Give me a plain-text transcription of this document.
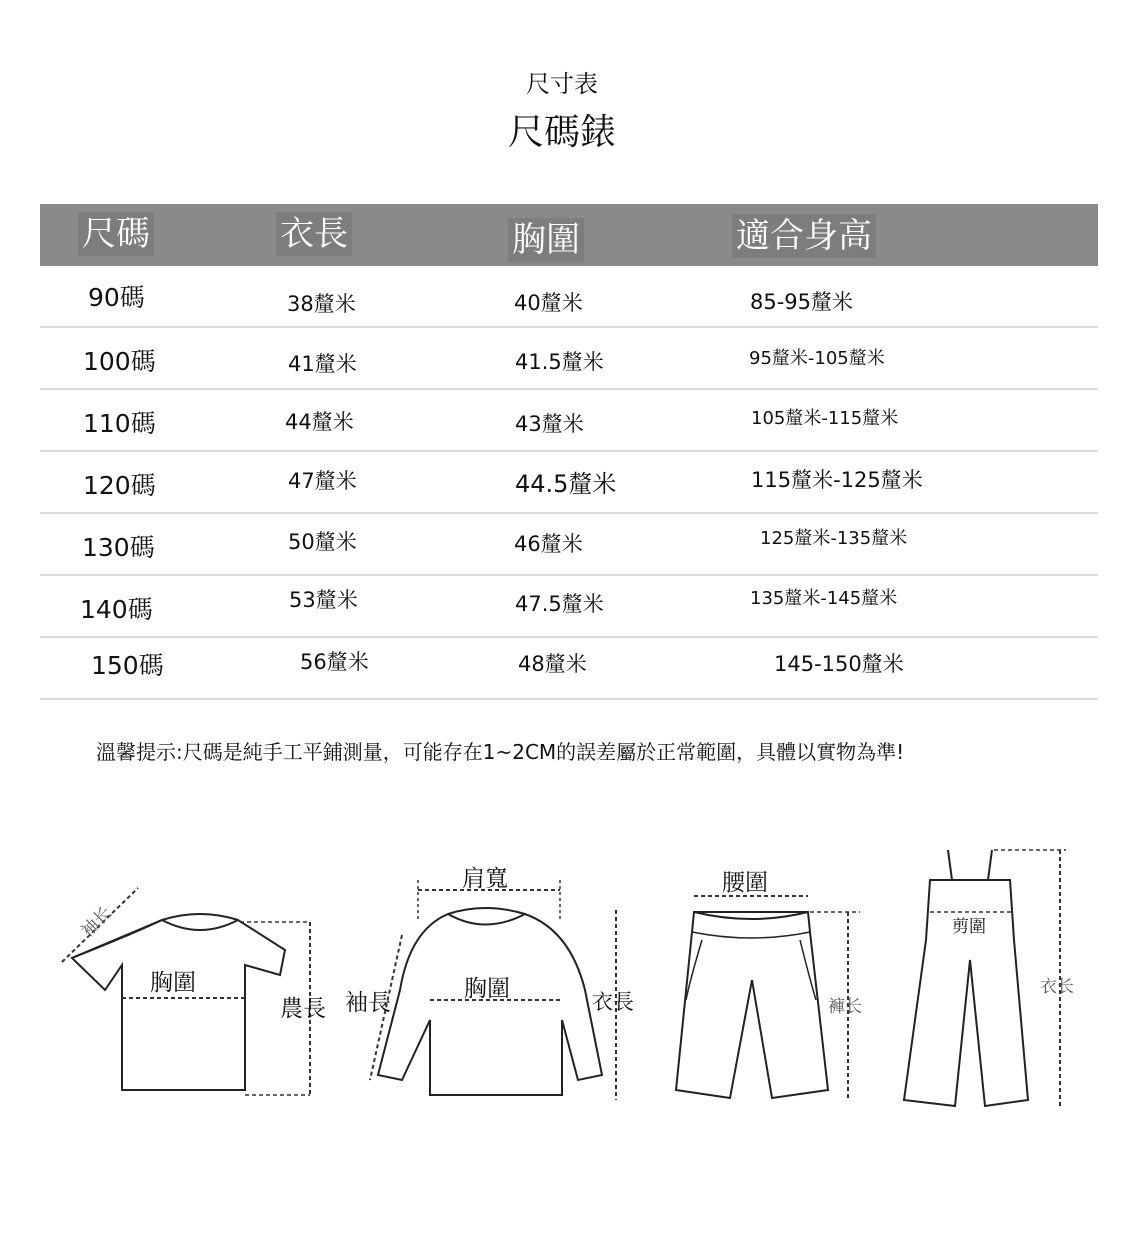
尺寸表
尺碼錶
尺碼	衣長	胸圍	適合身高
90碼	38釐米	40釐米	85-95釐米
100碼	41釐米	41.5釐米	95釐米-105釐米
110碼	44釐米	43釐米	105釐米-115釐米
120碼	47釐米	44.5釐米	115釐米-125釐米
130碼	50釐米	46釐米	125釐米-135釐米
140碼	53釐米	47.5釐米	135釐米-145釐米
150碼	56釐米	48釐米	145-150釐米
溫馨提示:尺碼是純手工平鋪測量，可能存在1~2CM的誤差屬於正常範圍，具體以實物為準!
袖长
胸圍
農長
肩寬
袖長
胸圍	衣長
腰圍
褲长
剪圍
衣长
